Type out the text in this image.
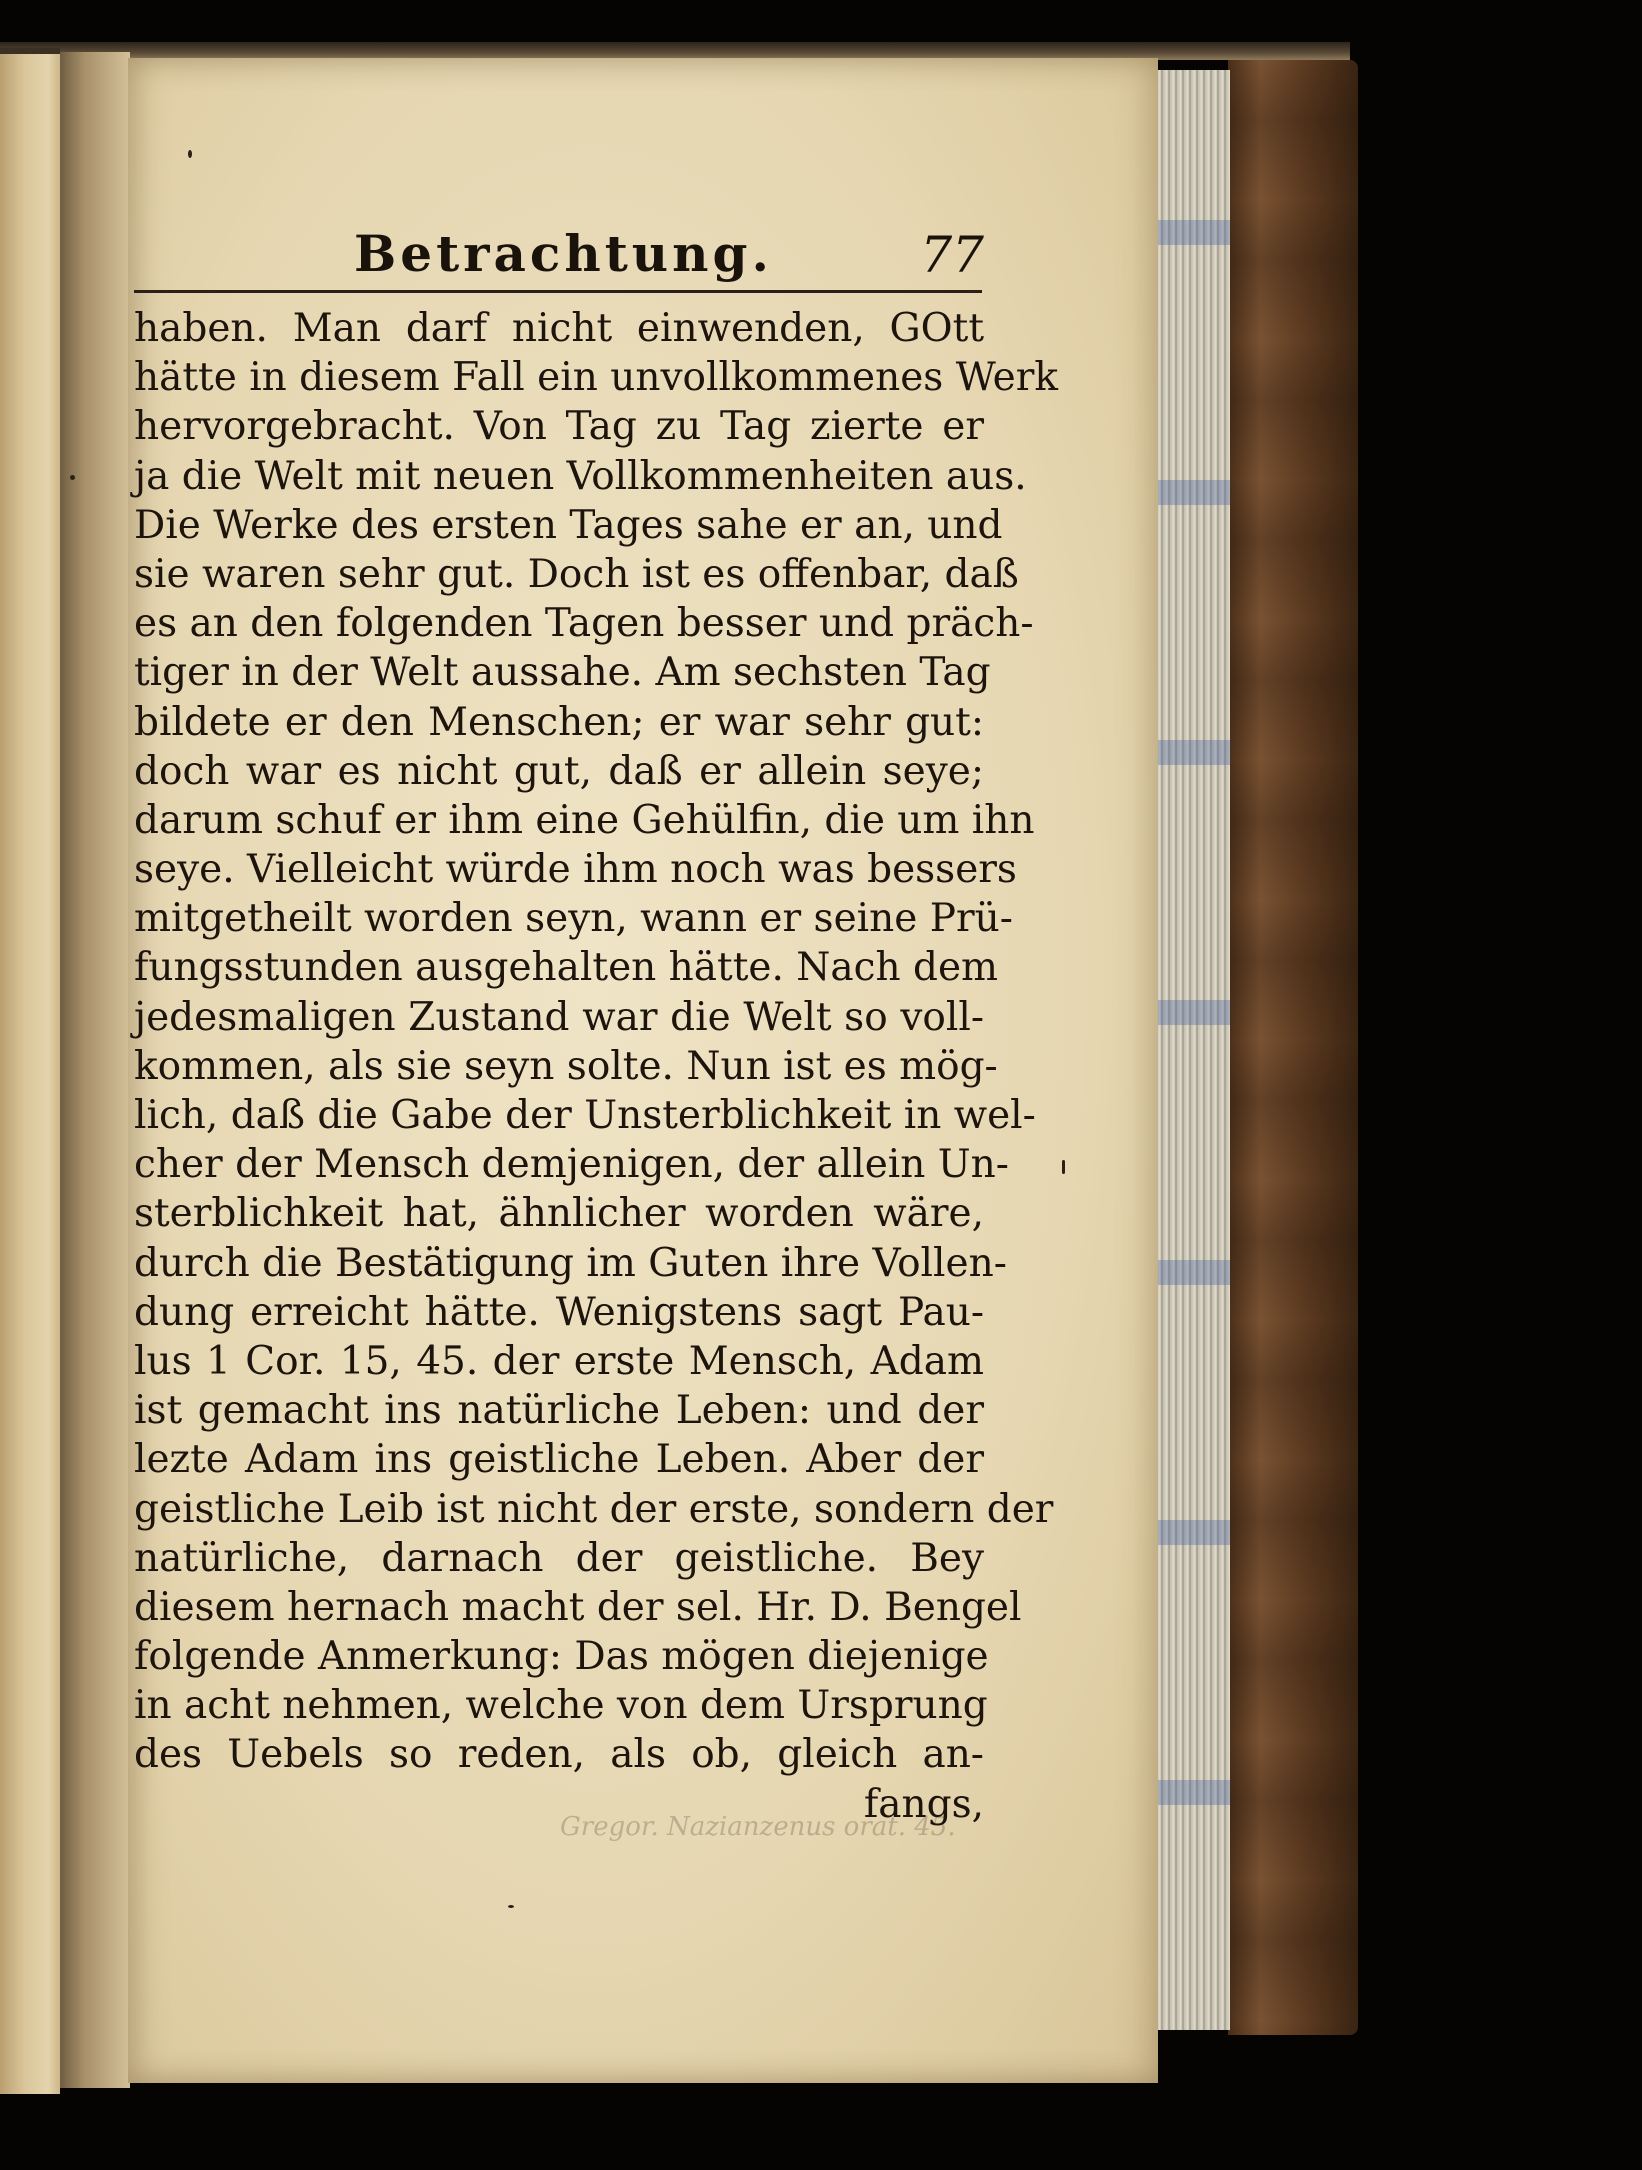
Gregor. Nazianzenus orat. 45.
Betrachtung.	77
haben. Man darf nicht einwenden, GOtt
hätte in diesem Fall ein unvollkommenes Werk
hervorgebracht. Von Tag zu Tag zierte er
ja die Welt mit neuen Vollkommenheiten aus.
Die Werke des ersten Tages sahe er an, und
sie waren sehr gut. Doch ist es offenbar, daß
es an den folgenden Tagen besser und präch-
tiger in der Welt aussahe. Am sechsten Tag
bildete er den Menschen; er war sehr gut:
doch war es nicht gut, daß er allein seye;
darum schuf er ihm eine Gehülfin, die um ihn
seye. Vielleicht würde ihm noch was bessers
mitgetheilt worden seyn, wann er seine Prü-
fungsstunden ausgehalten hätte. Nach dem
jedesmaligen Zustand war die Welt so voll-
kommen, als sie seyn solte. Nun ist es mög-
lich, daß die Gabe der Unsterblichkeit in wel-
cher der Mensch demjenigen, der allein Un-
sterblichkeit hat, ähnlicher worden wäre,
durch die Bestätigung im Guten ihre Vollen-
dung erreicht hätte. Wenigstens sagt Pau-
lus 1 Cor. 15, 45. der erste Mensch, Adam
ist gemacht ins natürliche Leben: und der
lezte Adam ins geistliche Leben. Aber der
geistliche Leib ist nicht der erste, sondern der
natürliche, darnach der geistliche. Bey
diesem hernach macht der sel. Hr. D. Bengel
folgende Anmerkung: Das mögen diejenige
in acht nehmen, welche von dem Ursprung
des Uebels so reden, als ob, gleich an-
fangs,
